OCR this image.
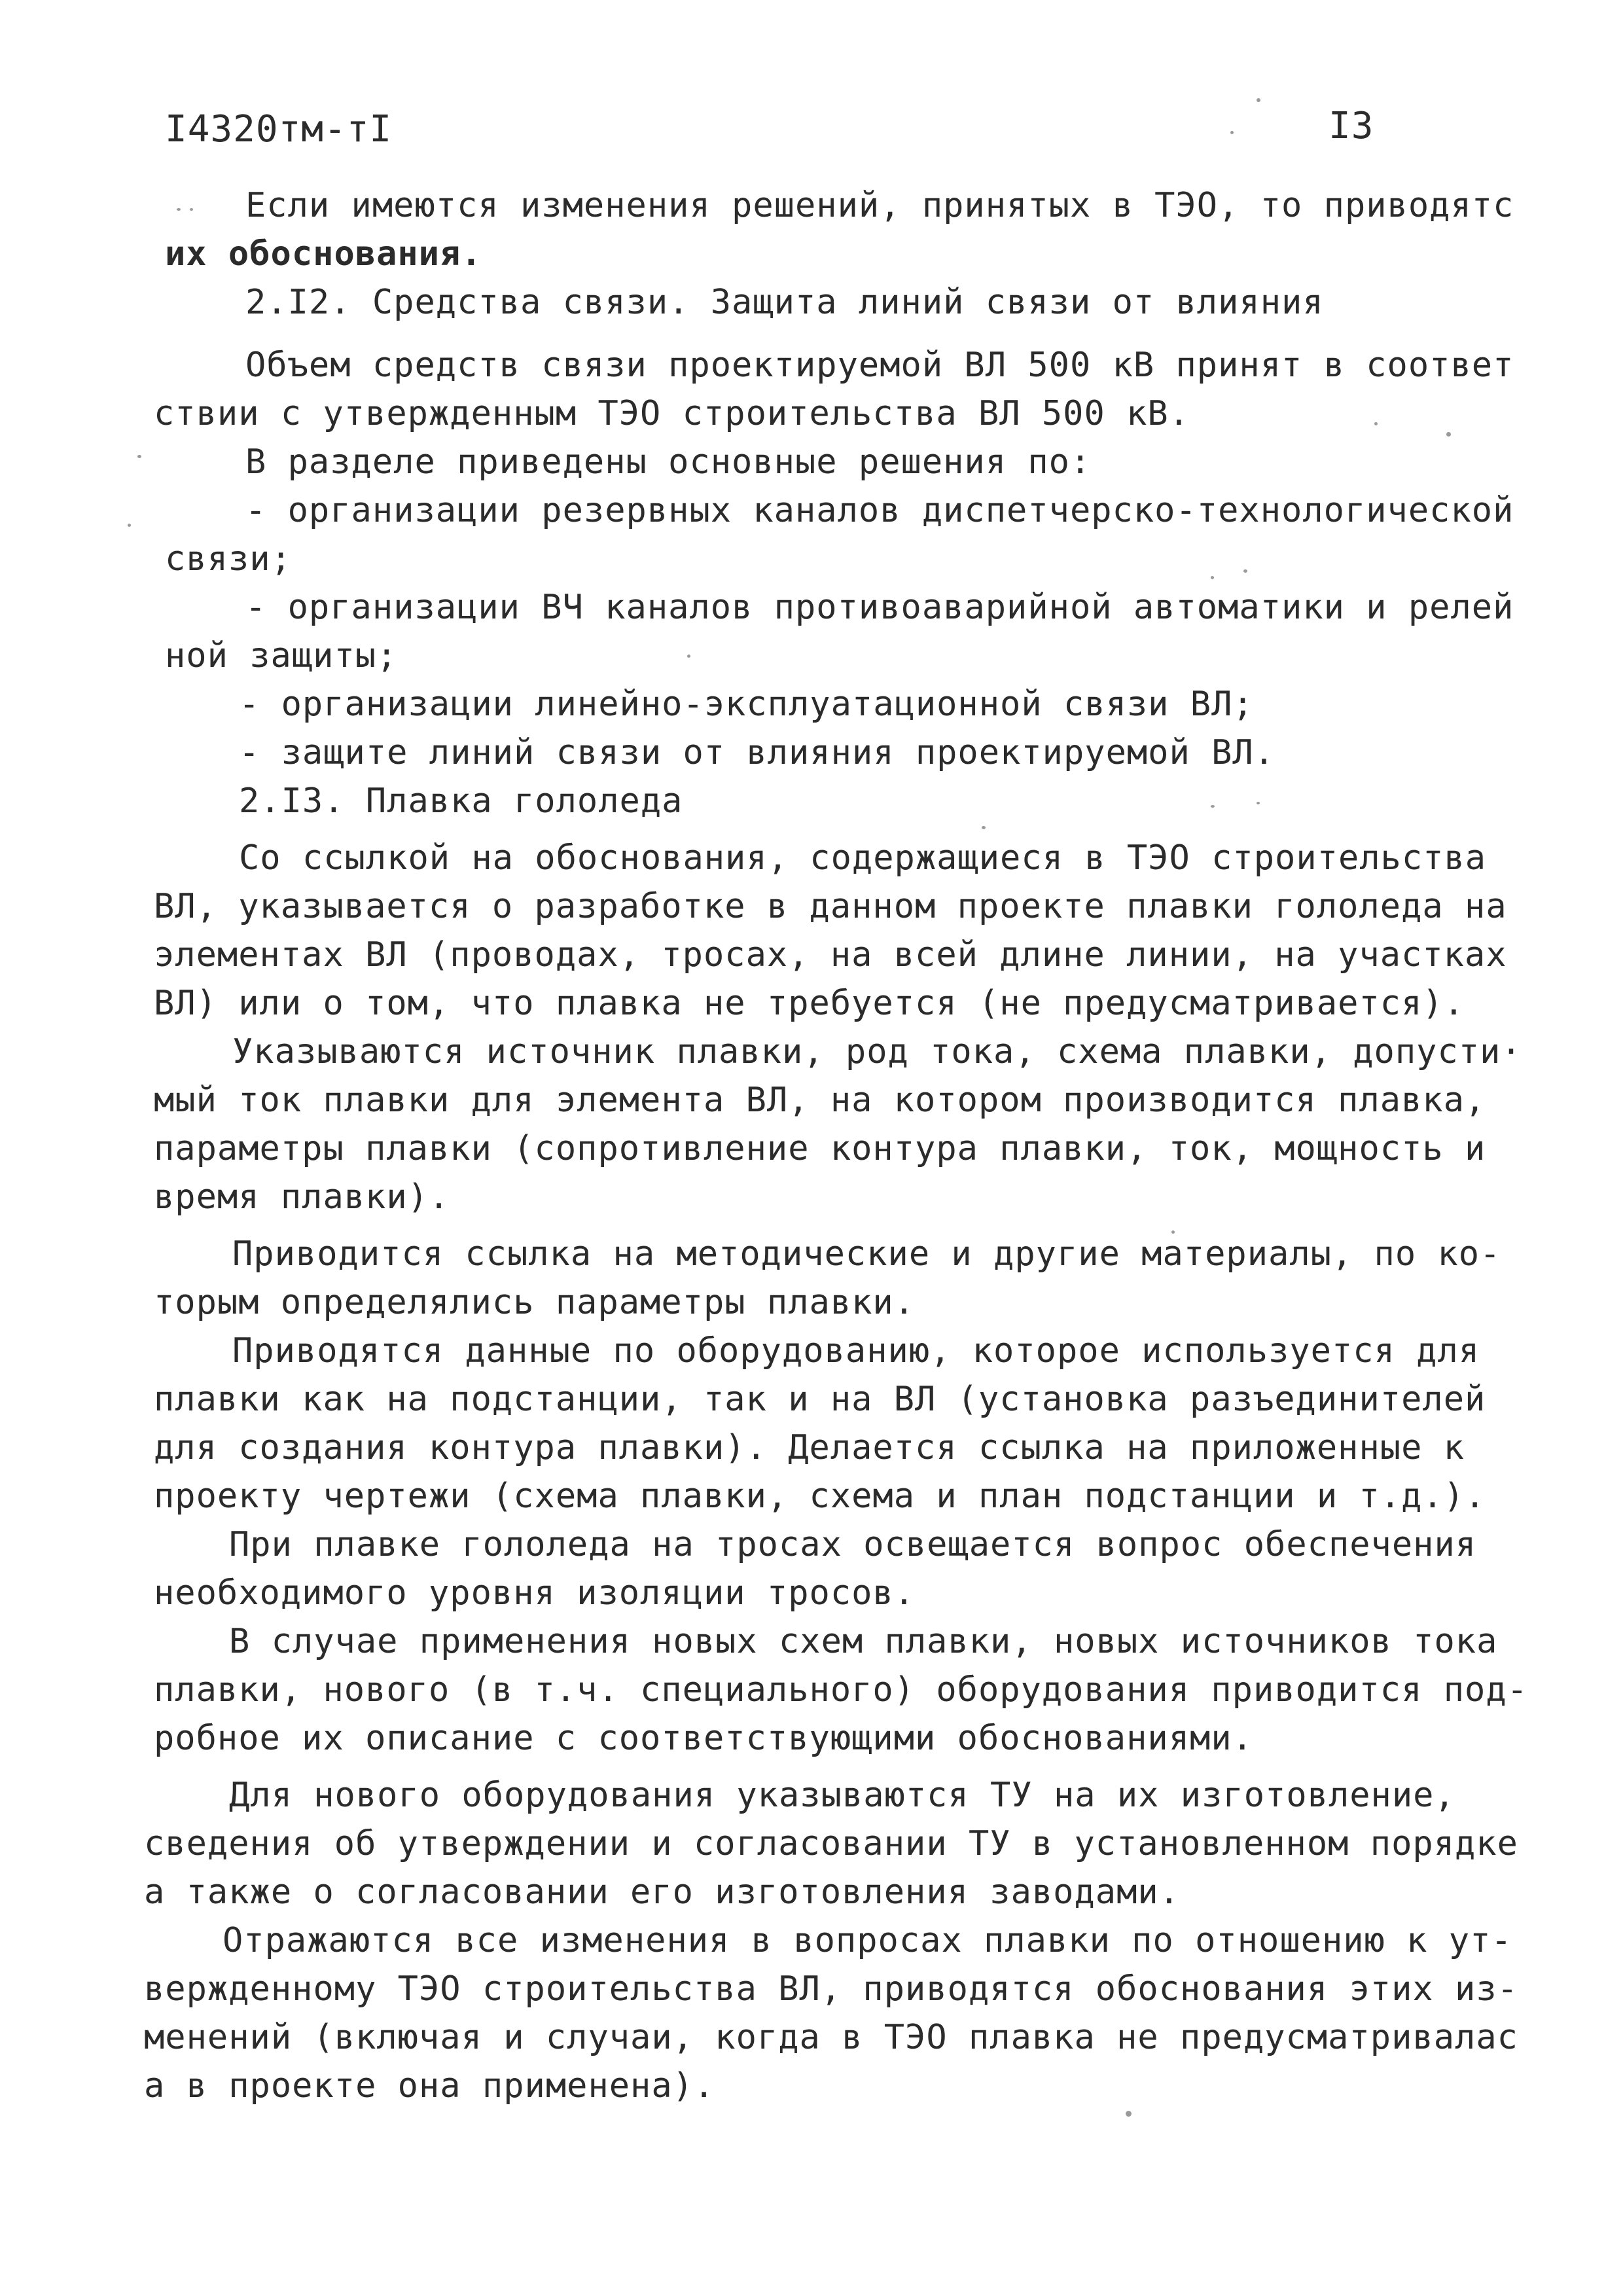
I4320тм-тI	I3
Если имеются изменения решений, принятых в ТЭО, то приводятс
их обоснования.
2.I2. Средства связи. Защита линий связи от влияния
Объем средств связи проектируемой ВЛ 500 кВ принят в соответ
ствии с утвержденным ТЭО строительства ВЛ 500 кВ.
В разделе приведены основные решения по:
- организации резервных каналов диспетчерско-технологической
связи;
- организации ВЧ каналов противоаварийной автоматики и релей
ной защиты;
- организации линейно-эксплуатационной связи ВЛ;
- защите линий связи от влияния проектируемой ВЛ.
2.I3. Плавка гололеда
Со ссылкой на обоснования, содержащиеся в ТЭО строительства
ВЛ, указывается о разработке в данном проекте плавки гололеда на
элементах ВЛ (проводах, тросах, на всей длине линии, на участках
ВЛ) или о том, что плавка не требуется (не предусматривается).
Указываются источник плавки, род тока, схема плавки, допусти·
мый ток плавки для элемента ВЛ, на котором производится плавка,
параметры плавки (сопротивление контура плавки, ток, мощность и
время плавки).
Приводится ссылка на методические и другие материалы, по ко-
торым определялись параметры плавки.
Приводятся данные по оборудованию, которое используется для
плавки как на подстанции, так и на ВЛ (установка разъединителей
для создания контура плавки). Делается ссылка на приложенные к
проекту чертежи (схема плавки, схема и план подстанции и т.д.).
При плавке гололеда на тросах освещается вопрос обеспечения
необходимого уровня изоляции тросов.
В случае применения новых схем плавки, новых источников тока
плавки, нового (в т.ч. специального) оборудования приводится под-
робное их описание с соответствующими обоснованиями.
Для нового оборудования указываются ТУ на их изготовление,
сведения об утверждении и согласовании ТУ в установленном порядке
а также о согласовании его изготовления заводами.
Отражаются все изменения в вопросах плавки по отношению к ут-
вержденному ТЭО строительства ВЛ, приводятся обоснования этих из-
менений (включая и случаи, когда в ТЭО плавка не предусматривалас
а в проекте она применена).
